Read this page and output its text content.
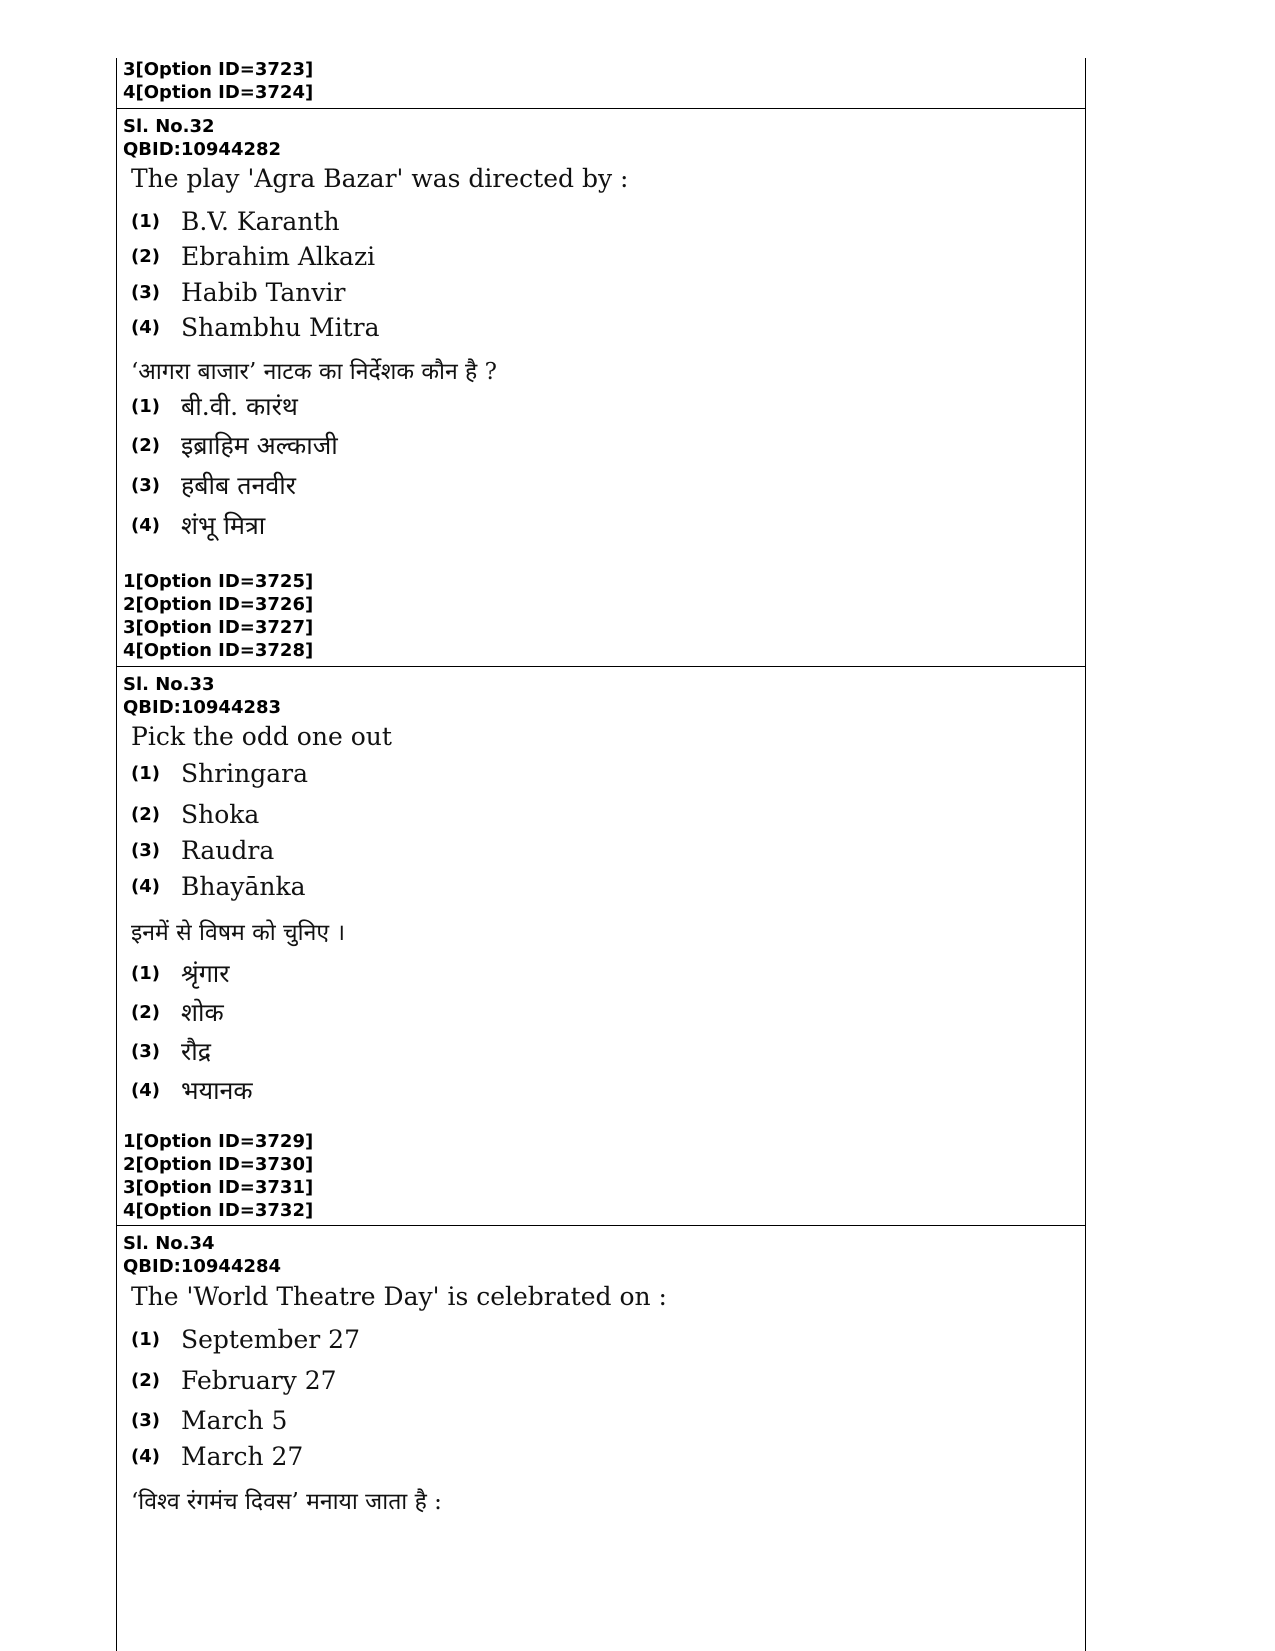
3[Option ID=3723]
4[Option ID=3724]
Sl. No.32
QBID:10944282
The play 'Agra Bazar' was directed by :
(1) B.V. Karanth
(2) Ebrahim Alkazi
(3) Habib Tanvir
(4) Shambhu Mitra
‘आगरा बाजार’ नाटक का निर्देशक कौन है ?
(1) बी.वी. कारंथ
(2) इब्राहिम अल्काजी
(3) हबीब तनवीर
(4) शंभू मित्रा
1[Option ID=3725]
2[Option ID=3726]
3[Option ID=3727]
4[Option ID=3728]
Sl. No.33
QBID:10944283
Pick the odd one out
(1) Shringara
(2) Shoka
(3) Raudra
(4) Bhayānka
इनमें से विषम को चुनिए ।
(1) श्रृंगार
(2) शोक
(3) रौद्र
(4) भयानक
1[Option ID=3729]
2[Option ID=3730]
3[Option ID=3731]
4[Option ID=3732]
Sl. No.34
QBID:10944284
The 'World Theatre Day' is celebrated on :
(1) September 27
(2) February 27
(3) March 5
(4) March 27
‘विश्व रंगमंच दिवस’ मनाया जाता है :
